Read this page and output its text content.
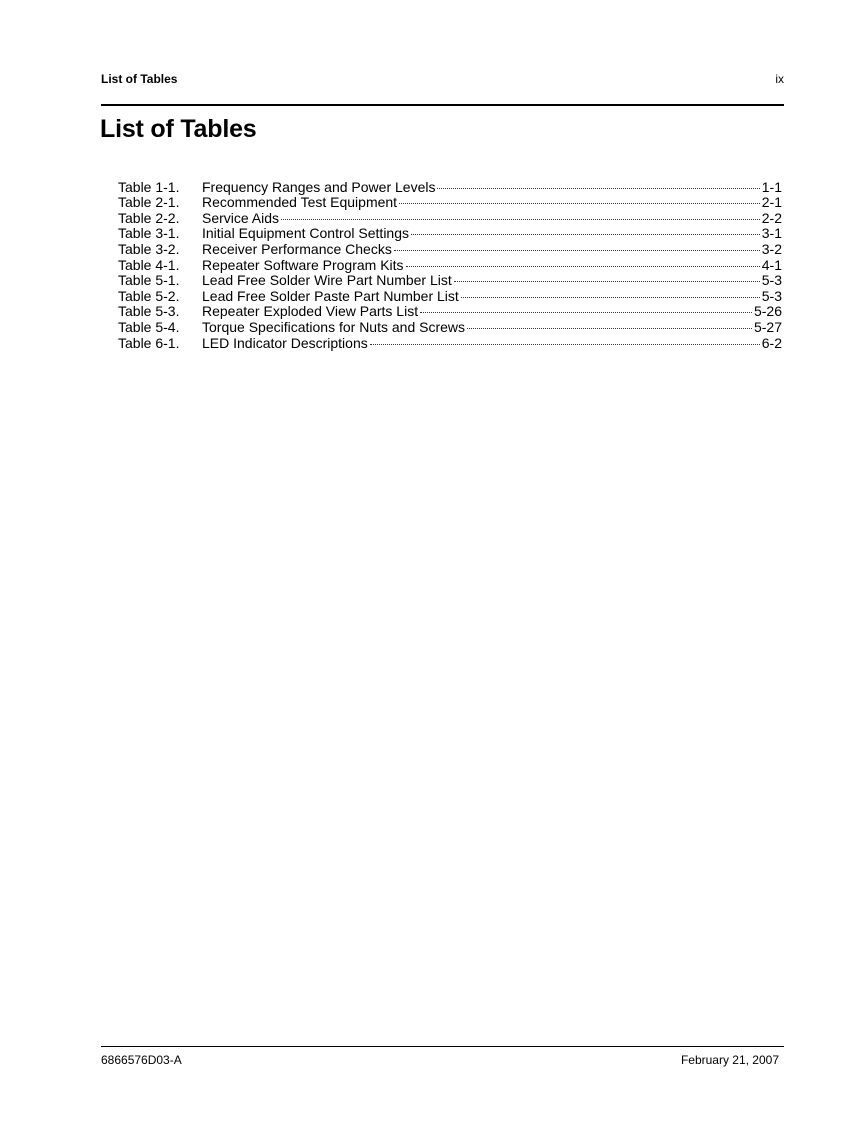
List of Tables	ix
List of Tables
Table 1-1.	Frequency Ranges and Power Levels	1-1
Table 2-1.	Recommended Test Equipment	2-1
Table 2-2.	Service Aids	2-2
Table 3-1.	Initial Equipment Control Settings	3-1
Table 3-2.	Receiver Performance Checks	3-2
Table 4-1.	Repeater Software Program Kits	4-1
Table 5-1.	Lead Free Solder Wire Part Number List	5-3
Table 5-2.	Lead Free Solder Paste Part Number List	5-3
Table 5-3.	Repeater Exploded View Parts List	5-26
Table 5-4.	Torque Specifications for Nuts and Screws	5-27
Table 6-1.	LED Indicator Descriptions	6-2
6866576D03-A	February 21, 2007
